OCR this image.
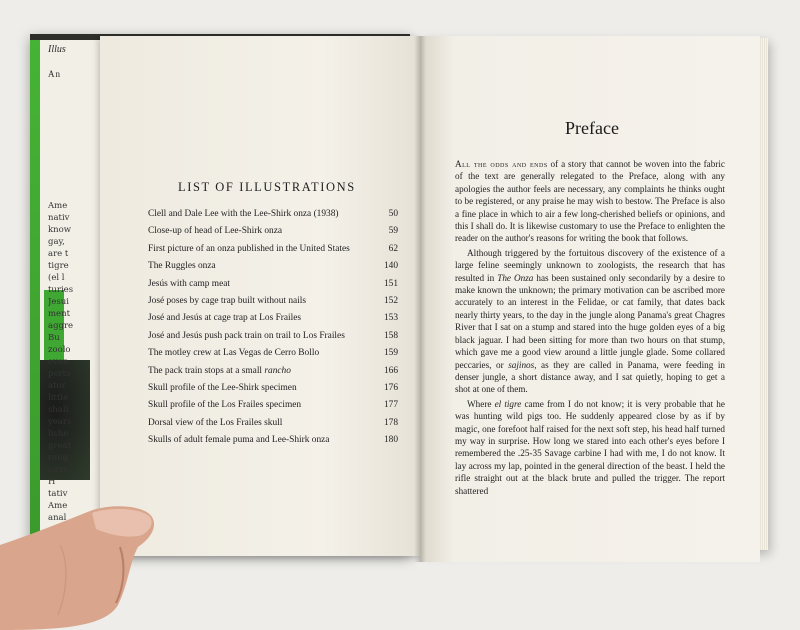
Illus
An
Ame
nativ
know
gay,
are t
tigre
(el l
turies
Jesui
ment
aggre
Bu
zoolo
even
ports
ator
little
shall
years
lishe
great
rang
cany
H
tativ
Ame
anal
LIST OF ILLUSTRATIONS
Clell and Dale Lee with the Lee-Shirk onza (1938)	50
Close-up of head of Lee-Shirk onza	59
First picture of an onza published in the United States	62
The Ruggles onza	140
Jesús with camp meat	151
José poses by cage trap built without nails	152
José and Jesús at cage trap at Los Frailes	153
José and Jesús push pack train on trail to Los Frailes	158
The motley crew at Las Vegas de Cerro Bollo	159
The pack train stops at a small rancho	166
Skull profile of the Lee-Shirk specimen	176
Skull profile of the Los Frailes specimen	177
Dorsal view of the Los Frailes skull	178
Skulls of adult female puma and Lee-Shirk onza	180
Preface

All the odds and ends of a story that cannot be woven into the fabric of the text are generally relegated to the Preface, along with any apologies the author feels are necessary, any complaints he thinks ought to be registered, or any praise he may wish to bestow. The Preface is also a fine place in which to air a few long-cherished beliefs or opinions, and this I shall do. It is likewise customary to use the Preface to enlighten the reader on the author's reasons for writing the book that follows.

Although triggered by the fortuitous discovery of the existence of a large feline seemingly unknown to zoologists, the research that has resulted in The Onza has been sustained only secondarily by a desire to make known the unknown; the primary motivation can be ascribed more accurately to an interest in the Felidae, or cat family, that dates back nearly thirty years, to the day in the jungle along Panama's great Chagres River that I sat on a stump and stared into the huge golden eyes of a big black jaguar. I had been sitting for more than two hours on that stump, which gave me a good view around a little jungle glade. Some collared peccaries, or sajinos, as they are called in Panama, were feeding in denser jungle, a short distance away, and I sat quietly, hoping to get a shot at one of them.

Where el tigre came from I do not know; it is very probable that he was hunting wild pigs too. He suddenly appeared close by as if by magic, one forefoot half raised for the next soft step, his head half turned my way in surprise. How long we stared into each other's eyes before I remembered the .25-35 Savage carbine I had with me, I do not know. It lay across my lap, pointed in the general direction of the beast. I held the rifle straight out at the black brute and pulled the trigger. The report shattered
